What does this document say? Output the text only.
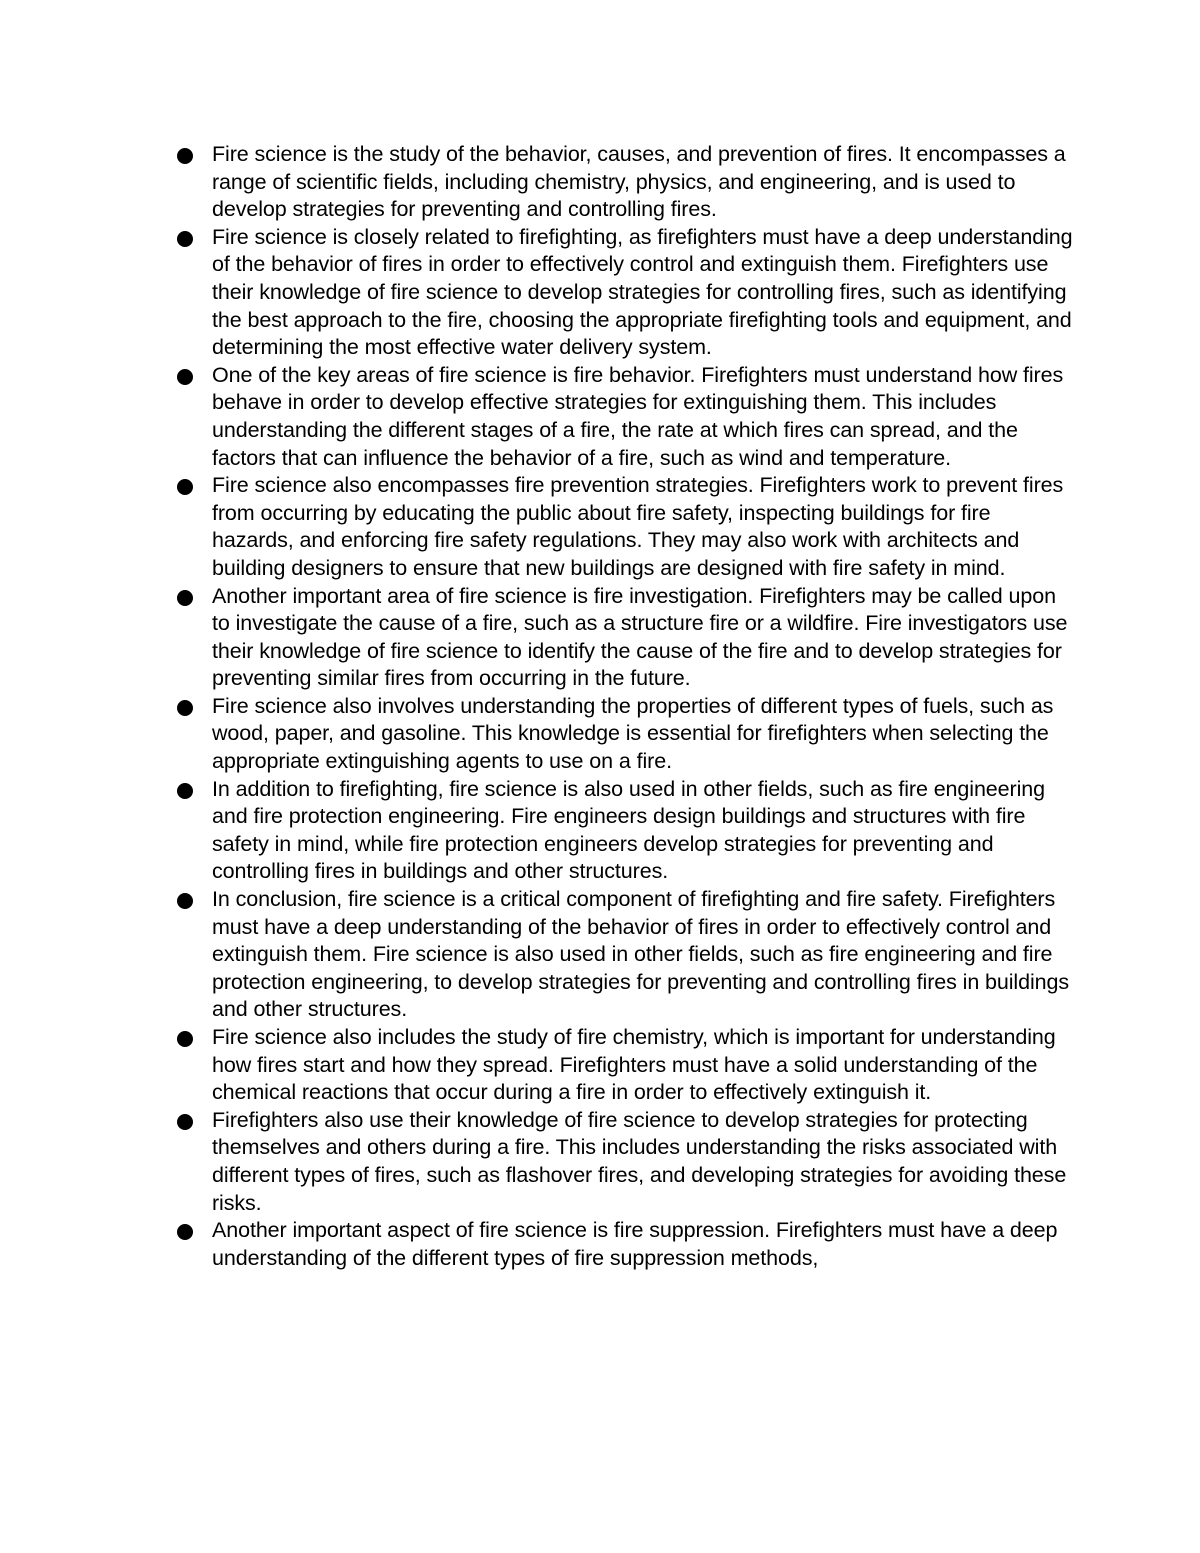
Fire science is the study of the behavior, causes, and prevention of fires. It encompasses a range of scientific fields, including chemistry, physics, and engineering, and is used to develop strategies for preventing and controlling fires.
Fire science is closely related to firefighting, as firefighters must have a deep understanding of the behavior of fires in order to effectively control and extinguish them. Firefighters use their knowledge of fire science to develop strategies for controlling fires, such as identifying the best approach to the fire, choosing the appropriate firefighting tools and equipment, and determining the most effective water delivery system.
One of the key areas of fire science is fire behavior. Firefighters must understand how fires behave in order to develop effective strategies for extinguishing them. This includes understanding the different stages of a fire, the rate at which fires can spread, and the factors that can influence the behavior of a fire, such as wind and temperature.
Fire science also encompasses fire prevention strategies. Firefighters work to prevent fires from occurring by educating the public about fire safety, inspecting buildings for fire hazards, and enforcing fire safety regulations. They may also work with architects and building designers to ensure that new buildings are designed with fire safety in mind.
Another important area of fire science is fire investigation. Firefighters may be called upon to investigate the cause of a fire, such as a structure fire or a wildfire. Fire investigators use their knowledge of fire science to identify the cause of the fire and to develop strategies for preventing similar fires from occurring in the future.
Fire science also involves understanding the properties of different types of fuels, such as wood, paper, and gasoline. This knowledge is essential for firefighters when selecting the appropriate extinguishing agents to use on a fire.
In addition to firefighting, fire science is also used in other fields, such as fire engineering and fire protection engineering. Fire engineers design buildings and structures with fire safety in mind, while fire protection engineers develop strategies for preventing and controlling fires in buildings and other structures.
In conclusion, fire science is a critical component of firefighting and fire safety. Firefighters must have a deep understanding of the behavior of fires in order to effectively control and extinguish them. Fire science is also used in other fields, such as fire engineering and fire protection engineering, to develop strategies for preventing and controlling fires in buildings and other structures.
Fire science also includes the study of fire chemistry, which is important for understanding how fires start and how they spread. Firefighters must have a solid understanding of the chemical reactions that occur during a fire in order to effectively extinguish it.
Firefighters also use their knowledge of fire science to develop strategies for protecting themselves and others during a fire. This includes understanding the risks associated with different types of fires, such as flashover fires, and developing strategies for avoiding these risks.
Another important aspect of fire science is fire suppression. Firefighters must have a deep understanding of the different types of fire suppression methods,
